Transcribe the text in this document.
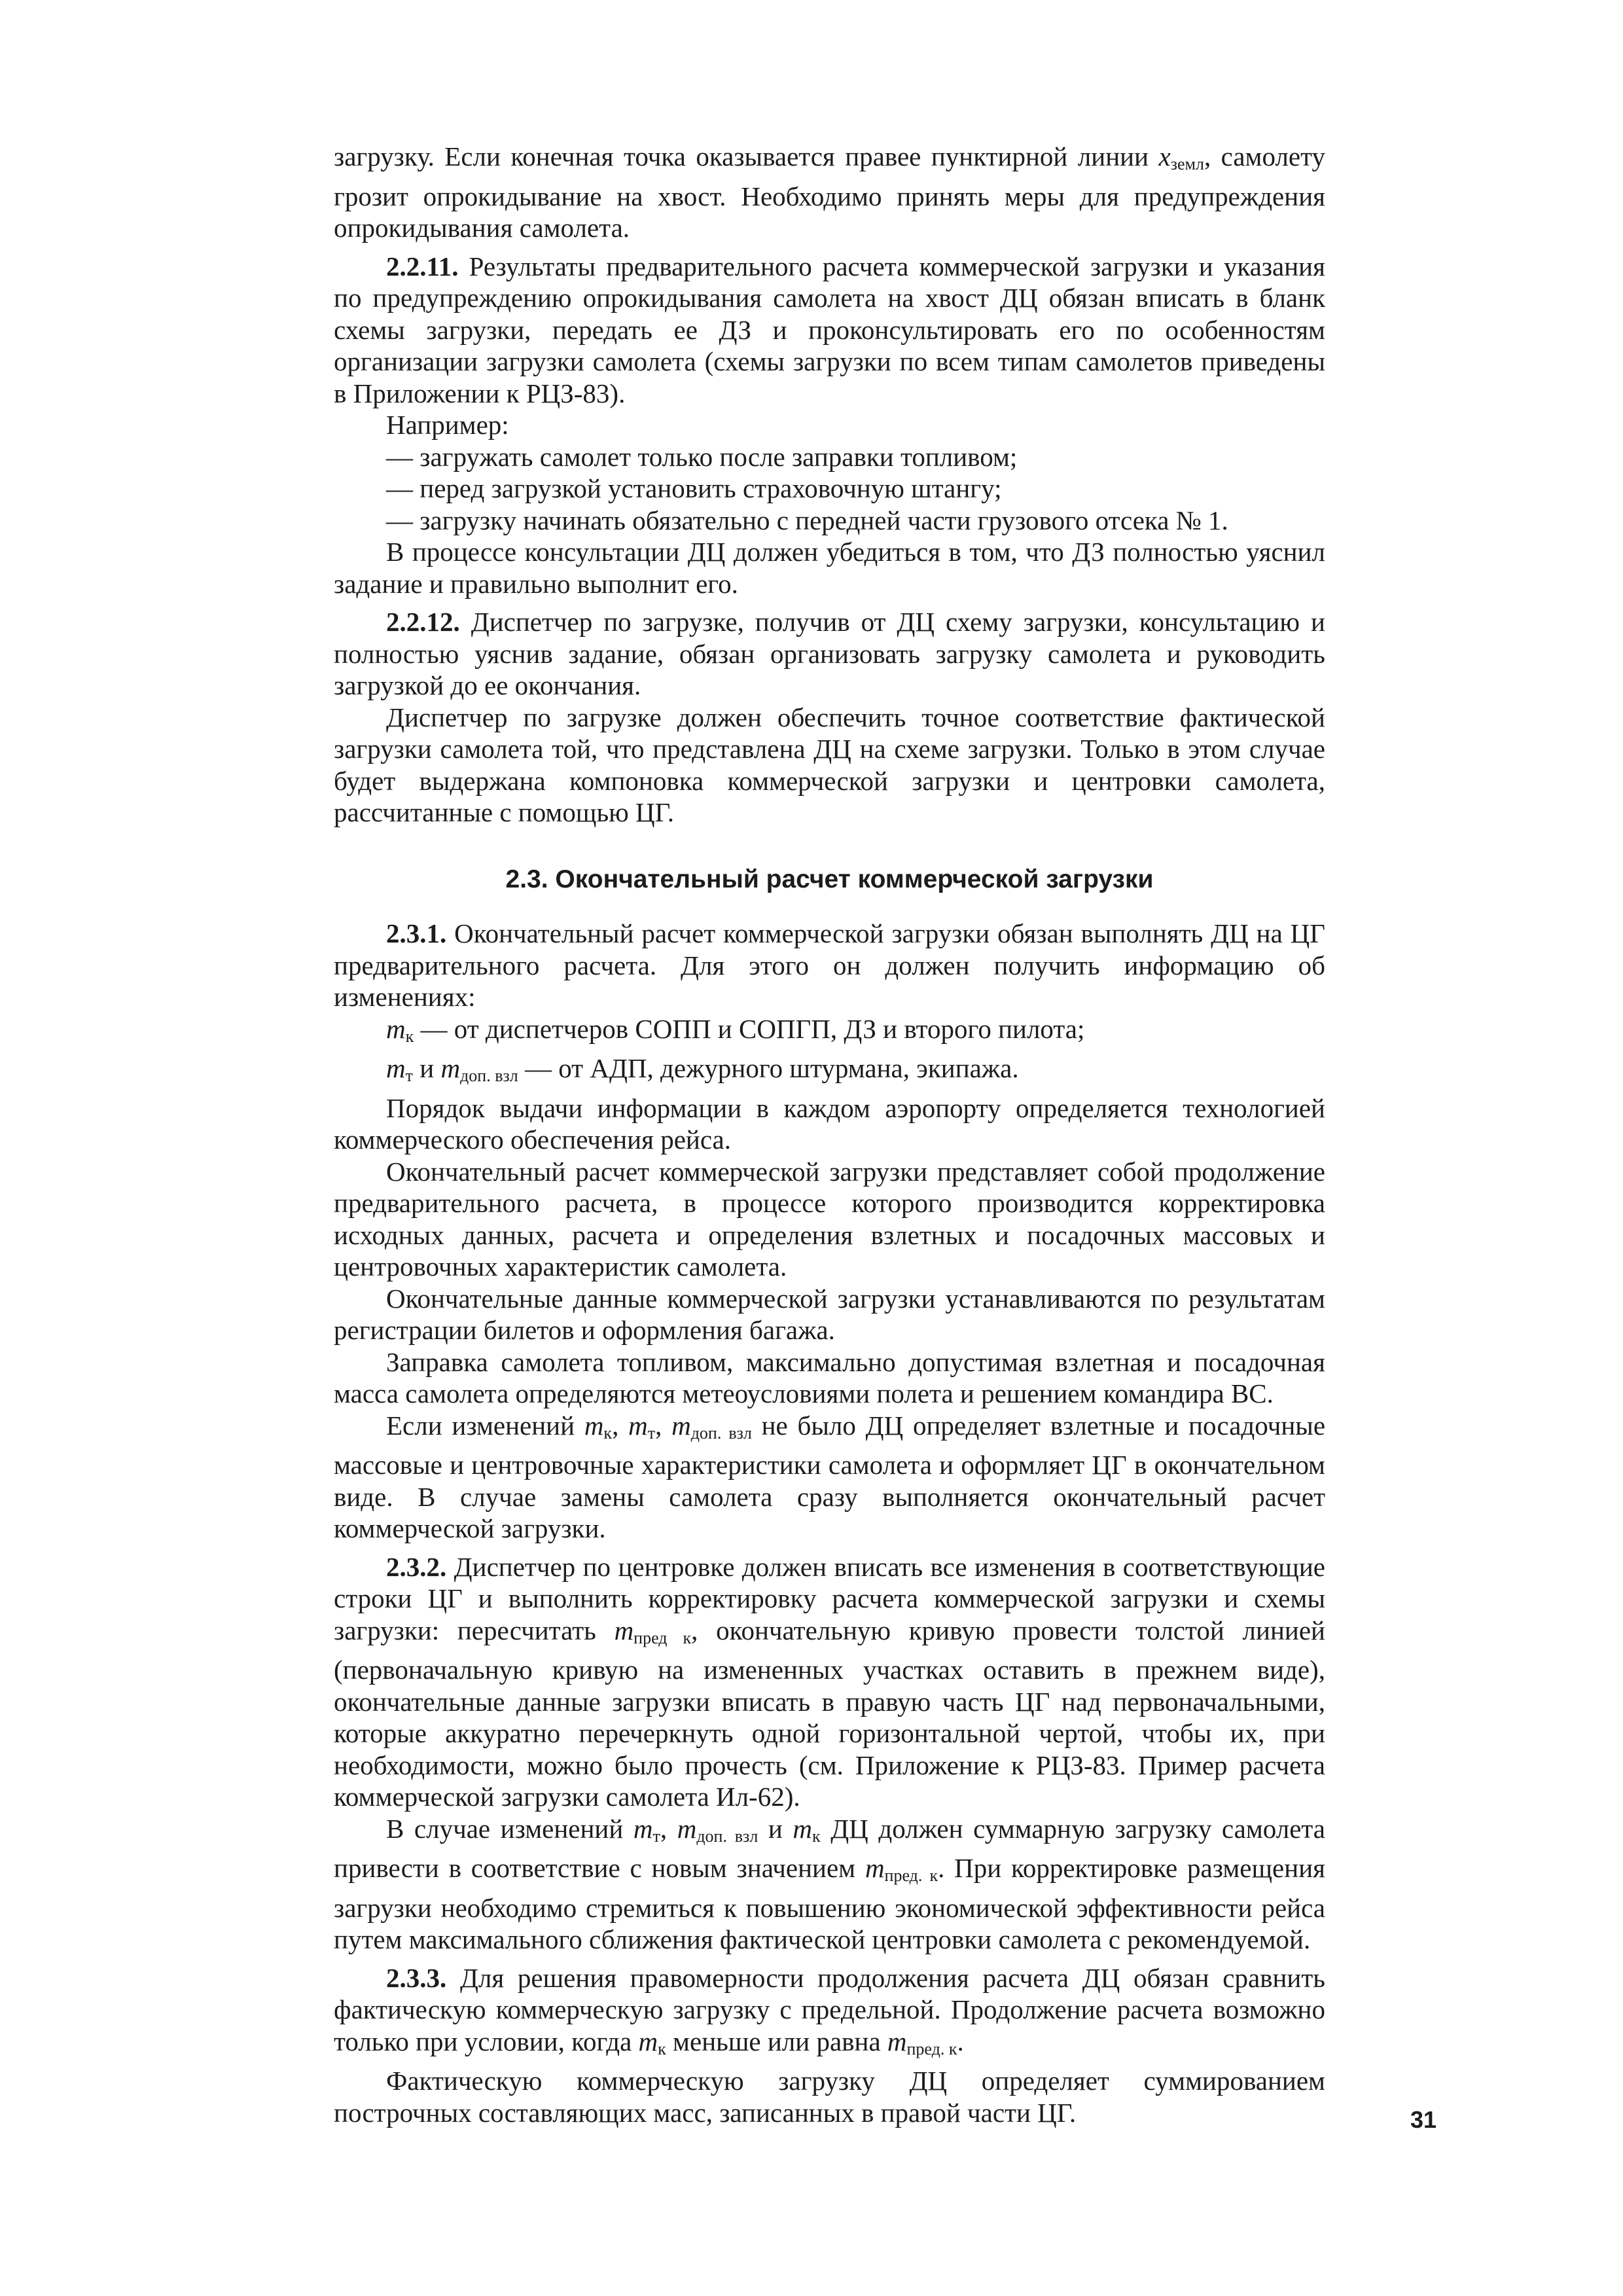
загрузку. Если конечная точка оказывается правее пунктирной линии $x_{земл}$, самолету грозит опрокидывание на хвост. Необходимо принять меры для предупреждения опрокидывания самолета.

2.2.11. Результаты предварительного расчета коммерческой загрузки и указания по предупреждению опрокидывания самолета на хвост ДЦ обязан вписать в бланк схемы загрузки, передать ее ДЗ и проконсультировать его по особенностям организации загрузки самолета (схемы загрузки по всем типам самолетов приведены в Приложении к РЦЗ-83).

Например:

— загружать самолет только после заправки топливом;

— перед загрузкой установить страховочную штангу;

— загрузку начинать обязательно с передней части грузового отсека № 1.

В процессе консультации ДЦ должен убедиться в том, что ДЗ полностью уяснил задание и правильно выполнит его.

2.2.12. Диспетчер по загрузке, получив от ДЦ схему загрузки, консультацию и полностью уяснив задание, обязан организовать загрузку самолета и руководить загрузкой до ее окончания.

Диспетчер по загрузке должен обеспечить точное соответствие фактической загрузки самолета той, что представлена ДЦ на схеме загрузки. Только в этом случае будет выдержана компоновка коммерческой загрузки и центровки самолета, рассчитанные с помощью ЦГ.

2.3. Окончательный расчет коммерческой загрузки

2.3.1. Окончательный расчет коммерческой загрузки обязан выполнять ДЦ на ЦГ предварительного расчета. Для этого он должен получить информацию об изменениях:

$m_к$ — от диспетчеров СОПП и СОПГП, ДЗ и второго пилота;

$m_т$ и $m_{доп. взл}$ — от АДП, дежурного штурмана, экипажа.

Порядок выдачи информации в каждом аэропорту определяется технологией коммерческого обеспечения рейса.

Окончательный расчет коммерческой загрузки представляет собой продолжение предварительного расчета, в процессе которого производится корректировка исходных данных, расчета и определения взлетных и посадочных массовых и центровочных характеристик самолета.

Окончательные данные коммерческой загрузки устанавливаются по результатам регистрации билетов и оформления багажа.

Заправка самолета топливом, максимально допустимая взлетная и посадочная масса самолета определяются метеоусловиями полета и решением командира ВС.

Если изменений $m_к$, $m_т$, $m_{доп. взл}$ не было ДЦ определяет взлетные и посадочные массовые и центровочные характеристики самолета и оформляет ЦГ в окончательном виде. В случае замены самолета сразу выполняется окончательный расчет коммерческой загрузки.

2.3.2. Диспетчер по центровке должен вписать все изменения в соответствующие строки ЦГ и выполнить корректировку расчета коммерческой загрузки и схемы загрузки: пересчитать $m_{пред к}$, окончательную кривую провести толстой линией (первоначальную кривую на измененных участках оставить в прежнем виде), окончательные данные загрузки вписать в правую часть ЦГ над первоначальными, которые аккуратно перечеркнуть одной горизонтальной чертой, чтобы их, при необходимости, можно было прочесть (см. Приложение к РЦЗ-83. Пример расчета коммерческой загрузки самолета Ил-62).

В случае изменений $m_т$, $m_{доп. взл}$ и $m_к$ ДЦ должен суммарную загрузку самолета привести в соответствие с новым значением $m_{пред. к}$. При корректировке размещения загрузки необходимо стремиться к повышению экономической эффективности рейса путем максимального сближения фактической центровки самолета с рекомендуемой.

2.3.3. Для решения правомерности продолжения расчета ДЦ обязан сравнить фактическую коммерческую загрузку с предельной. Продолжение расчета возможно только при условии, когда $m_к$ меньше или равна $m_{пред. к}$.

Фактическую коммерческую загрузку ДЦ определяет суммированием построчных составляющих масс, записанных в правой части ЦГ.	31
